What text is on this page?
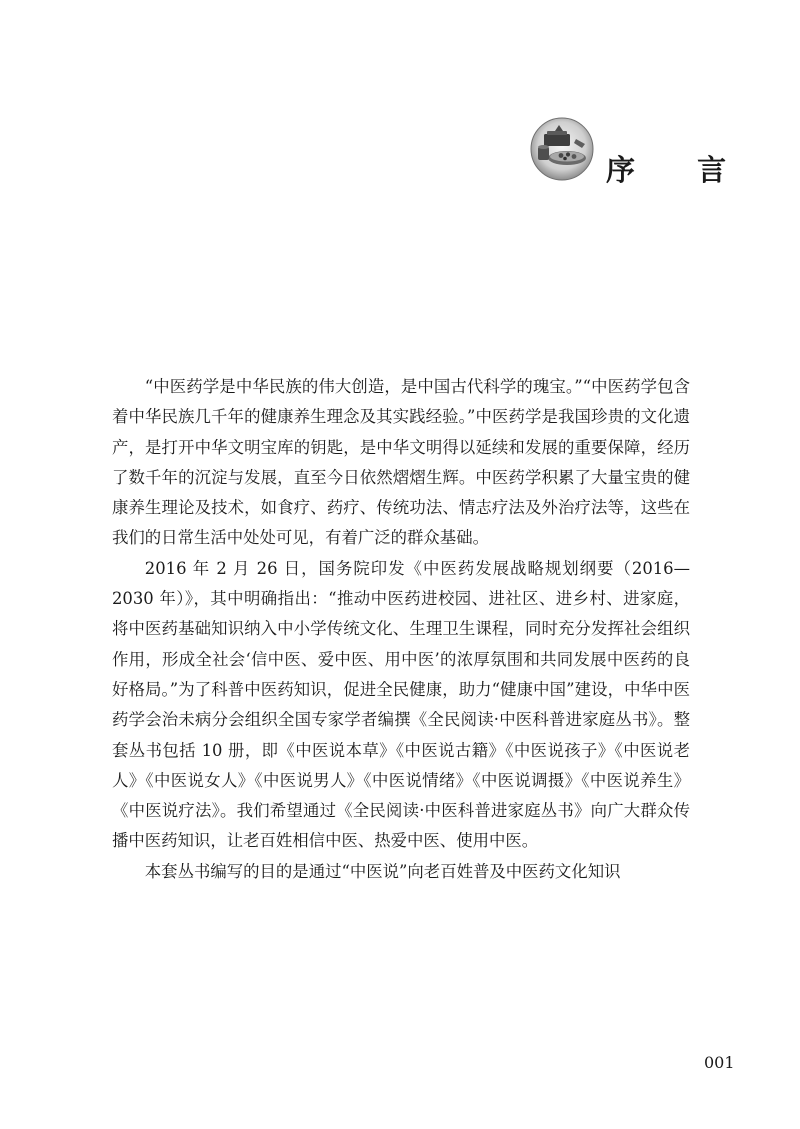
序 言

“中医药学是中华民族的伟大创造，是中国古代科学的瑰宝。”“中医药学包含着中华民族几千年的健康养生理念及其实践经验。”中医药学是我国珍贵的文化遗产，是打开中华文明宝库的钥匙，是中华文明得以延续和发展的重要保障，经历了数千年的沉淀与发展，直至今日依然熠熠生辉。中医药学积累了大量宝贵的健康养生理论及技术，如食疗、药疗、传统功法、情志疗法及外治疗法等，这些在我们的日常生活中处处可见，有着广泛的群众基础。

2016 年 2 月 26 日，国务院印发《中医药发展战略规划纲要（2016—2030 年）》，其中明确指出：“推动中医药进校园、进社区、进乡村、进家庭，将中医药基础知识纳入中小学传统文化、生理卫生课程，同时充分发挥社会组织作用，形成全社会‘信中医、爱中医、用中医’的浓厚氛围和共同发展中医药的良好格局。”为了科普中医药知识，促进全民健康，助力“健康中国”建设，中华中医药学会治未病分会组织全国专家学者编撰《全民阅读·中医科普进家庭丛书》。整套丛书包括 10 册，即《中医说本草》《中医说古籍》《中医说孩子》《中医说老人》《中医说女人》《中医说男人》《中医说情绪》《中医说调摄》《中医说养生》《中医说疗法》。我们希望通过《全民阅读·中医科普进家庭丛书》向广大群众传播中医药知识，让老百姓相信中医、热爱中医、使用中医。

本套丛书编写的目的是通过“中医说”向老百姓普及中医药文化知识

001
